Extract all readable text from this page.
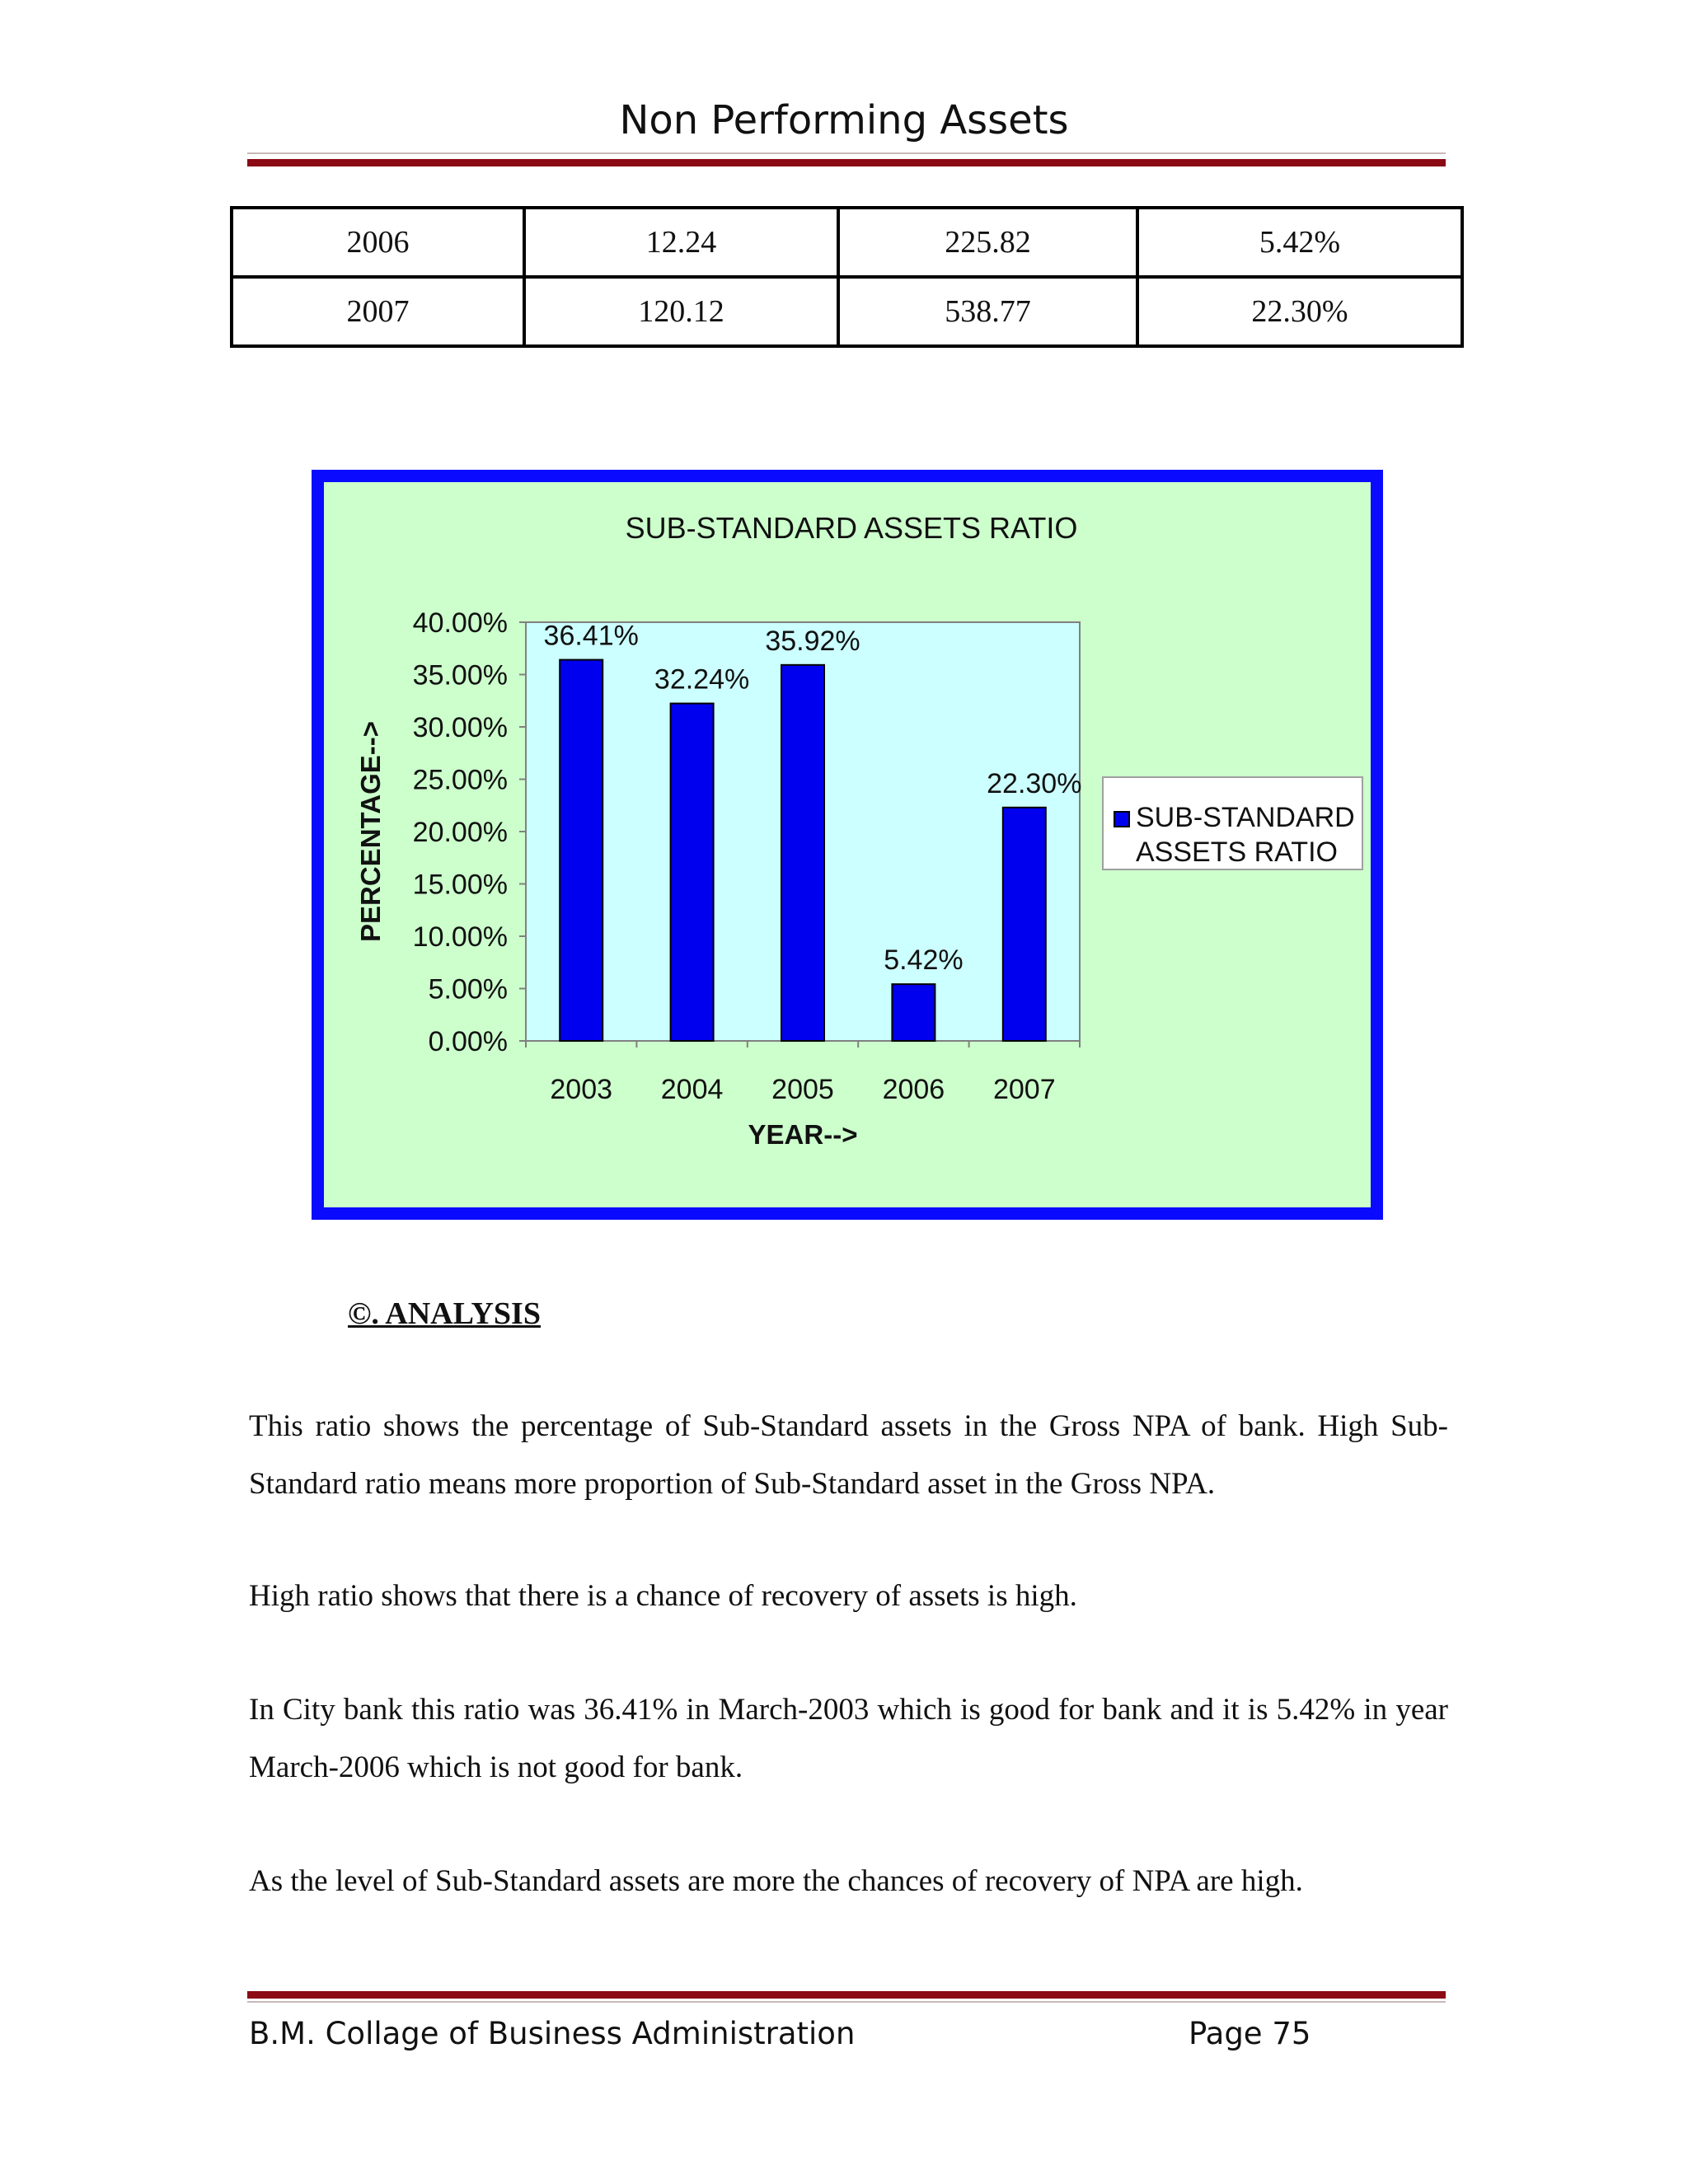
Non Performing Assets
2006	12.24	225.82	5.42%
2007	120.12	538.77	22.30%
SUB-STANDARD ASSETS RATIO
0.00%
5.00%
10.00%
15.00%
20.00%
25.00%
30.00%
35.00%
40.00%
2003 2004 2005 2006 2007
36.41%
32.24%
35.92%
5.42%
22.30%
PERCENTAGE-->
YEAR-->
SUB-STANDARD ASSETS RATIO
©. ANALYSIS

This ratio shows the percentage of Sub-Standard assets in the Gross NPA of bank. High Sub-Standard ratio means more proportion of Sub-Standard asset in the Gross NPA.

High ratio shows that there is a chance of recovery of assets is high.

In City bank this ratio was 36.41% in March-2003 which is good for bank and it is 5.42% in year March-2006 which is not good for bank.

As the level of Sub-Standard assets are more the chances of recovery of NPA are high.

B.M. Collage of Business Administration	Page 75
